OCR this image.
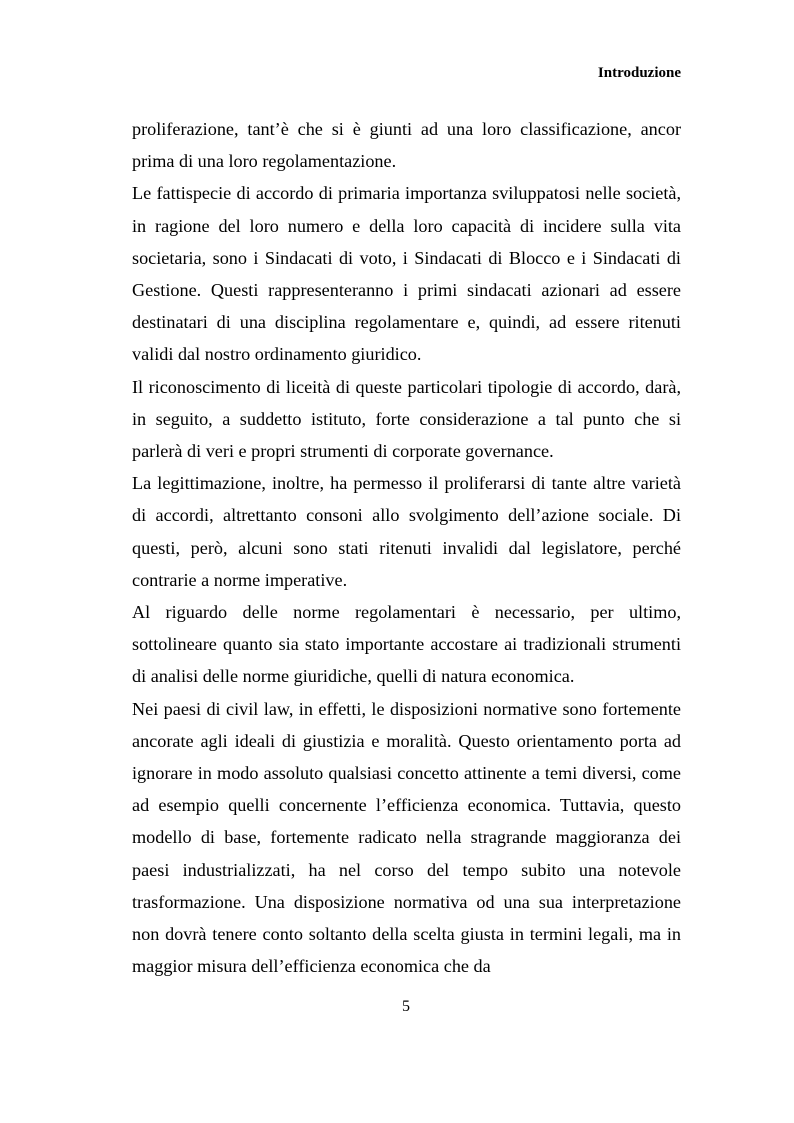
Introduzione

proliferazione, tant’è che si è giunti ad una loro classificazione, ancor prima di una loro regolamentazione.

Le fattispecie di accordo di primaria importanza sviluppatosi nelle società, in ragione del loro numero e della loro capacità di incidere sulla vita societaria, sono i Sindacati di voto, i Sindacati di Blocco e i Sindacati di Gestione. Questi rappresenteranno i primi sindacati azionari ad essere destinatari di una disciplina regolamentare e, quindi, ad essere ritenuti validi dal nostro ordinamento giuridico.

Il riconoscimento di liceità di queste particolari tipologie di accordo, darà, in seguito, a suddetto istituto, forte considerazione a tal punto che si parlerà di veri e propri strumenti di corporate governance.

La legittimazione, inoltre, ha permesso il proliferarsi di tante altre varietà di accordi, altrettanto consoni allo svolgimento dell’azione sociale. Di questi, però, alcuni sono stati ritenuti invalidi dal legislatore, perché contrarie a norme imperative.

Al riguardo delle norme regolamentari è necessario, per ultimo, sottolineare quanto sia stato importante accostare ai tradizionali strumenti di analisi delle norme giuridiche, quelli di natura economica.

Nei paesi di civil law, in effetti, le disposizioni normative sono fortemente ancorate agli ideali di giustizia e moralità. Questo orientamento porta ad ignorare in modo assoluto qualsiasi concetto attinente a temi diversi, come ad esempio quelli concernente l’efficienza economica. Tuttavia, questo modello di base, fortemente radicato nella stragrande maggioranza dei paesi industrializzati, ha nel corso del tempo subito una notevole trasformazione. Una disposizione normativa od una sua interpretazione non dovrà tenere conto soltanto della scelta giusta in termini legali, ma in maggior misura dell’efficienza economica che da

5
